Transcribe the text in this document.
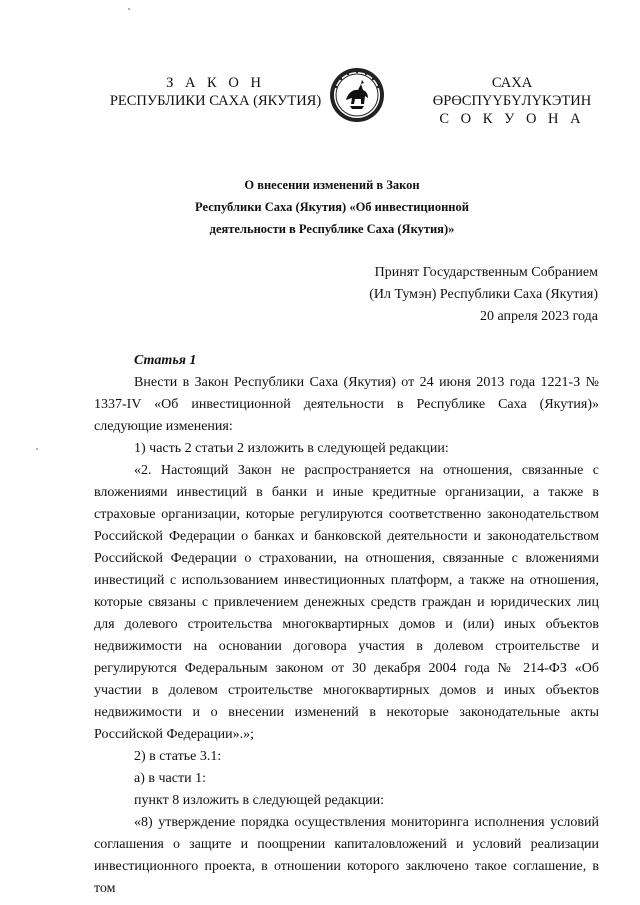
З А К О Н
РЕСПУБЛИКИ САХА (ЯКУТИЯ)
САХА ӨРӨСПҮҮБҮЛҮКЭТИН
С О К У О Н А
О внесении изменений в Закон
Республики Саха (Якутия) «Об инвестиционной
деятельности в Республике Саха (Якутия)»
Принят Государственным Собранием
(Ил Тумэн) Республики Саха (Якутия)
20 апреля 2023 года

Статья 1

Внести в Закон Республики Саха (Якутия) от 24 июня 2013 года 1221-З № 1337-IV «Об инвестиционной деятельности в Республике Саха (Якутия)» следующие изменения:

1) часть 2 статьи 2 изложить в следующей редакции:

«2. Настоящий Закон не распространяется на отношения, связанные с вложениями инвестиций в банки и иные кредитные организации, а также в страховые организации, которые регулируются соответственно законодательством Российской Федерации о банках и банковской деятельности и законодательством Российской Федерации о страховании, на отношения, связанные с вложениями инвестиций с использованием инвестиционных платформ, а также на отношения, которые связаны с привлечением денежных средств граждан и юридических лиц для долевого строительства многоквартирных домов и (или) иных объектов недвижимости на основании договора участия в долевом строительстве и регулируются Федеральным законом от 30 декабря 2004 года № 214-ФЗ «Об участии в долевом строительстве многоквартирных домов и иных объектов недвижимости и о внесении изменений в некоторые законодательные акты Российской Федерации».»;

2) в статье 3.1:

а) в части 1:

пункт 8 изложить в следующей редакции:

«8) утверждение порядка осуществления мониторинга исполнения условий соглашения о защите и поощрении капиталовложений и условий реализации инвестиционного проекта, в отношении которого заключено такое соглашение, в том
